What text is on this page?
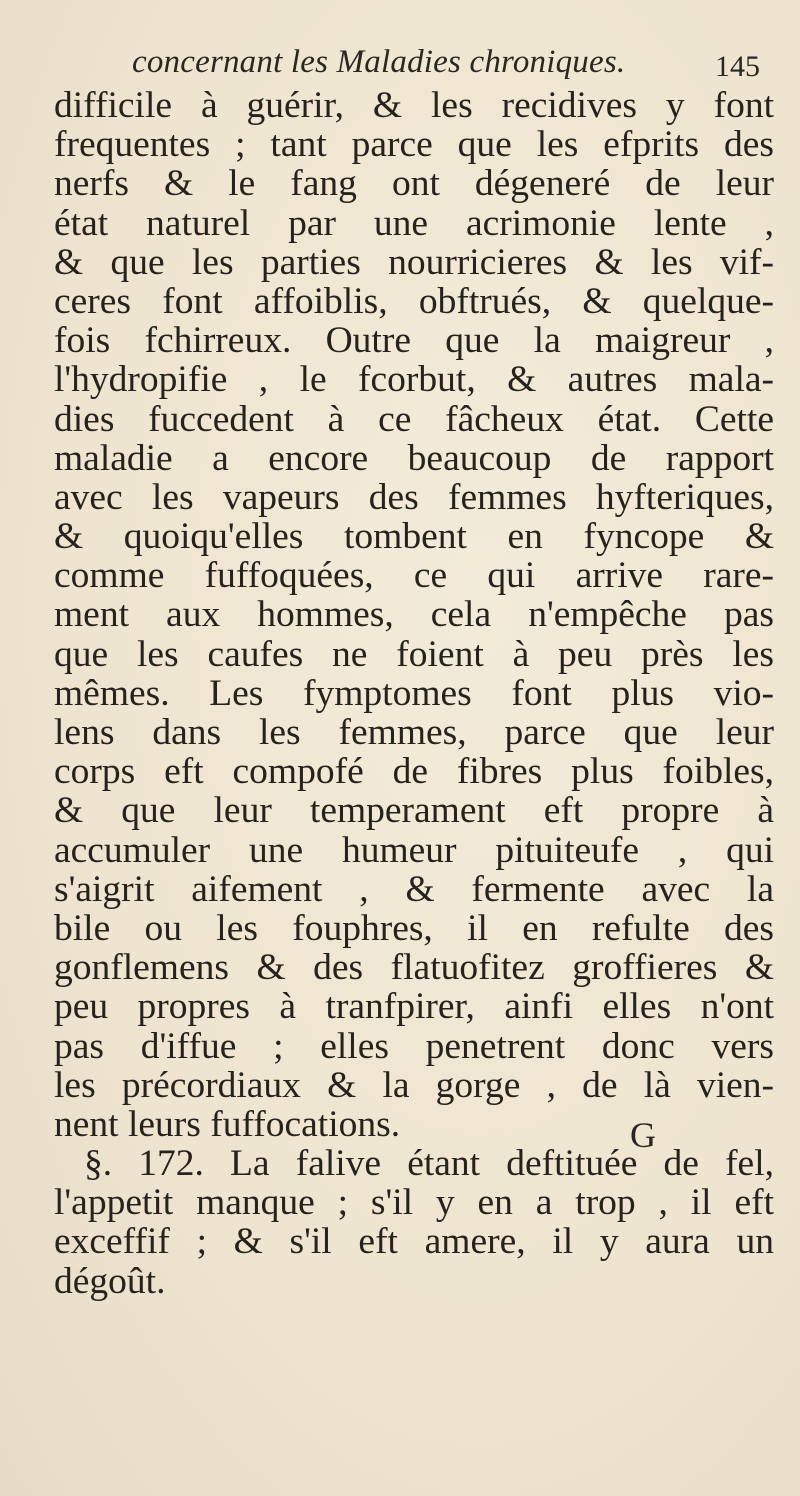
concernant les Maladies chroniques.	145
difficile à guérir, & les recidives y font
frequentes ; tant parce que les efprits des
nerfs & le fang ont dégeneré de leur
état naturel par une acrimonie lente ,
& que les parties nourricieres & les vif-
ceres font affoiblis, obftrués, & quelque-
fois fchirreux. Outre que la maigreur ,
l'hydropifie , le fcorbut, & autres mala-
dies fuccedent à ce fâcheux état. Cette
maladie a encore beaucoup de rapport
avec les vapeurs des femmes hyfteriques,
& quoiqu'elles tombent en fyncope &
comme fuffoquées, ce qui arrive rare-
ment aux hommes, cela n'empêche pas
que les caufes ne foient à peu près les
mêmes. Les fymptomes font plus vio-
lens dans les femmes, parce que leur
corps eft compofé de fibres plus foibles,
& que leur temperament eft propre à
accumuler une humeur pituiteufe , qui
s'aigrit aifement , & fermente avec la
bile ou les fouphres, il en refulte des
gonflemens & des flatuofitez groffieres &
peu propres à tranfpirer, ainfi elles n'ont
pas d'iffue ; elles penetrent donc vers
les précordiaux & la gorge , de là vien-
nent leurs fuffocations.
§. 172. La falive étant deftituée de fel,
l'appetit manque ; s'il y en a trop , il eft
exceffif ; & s'il eft amere, il y aura un
dégoût.
G
